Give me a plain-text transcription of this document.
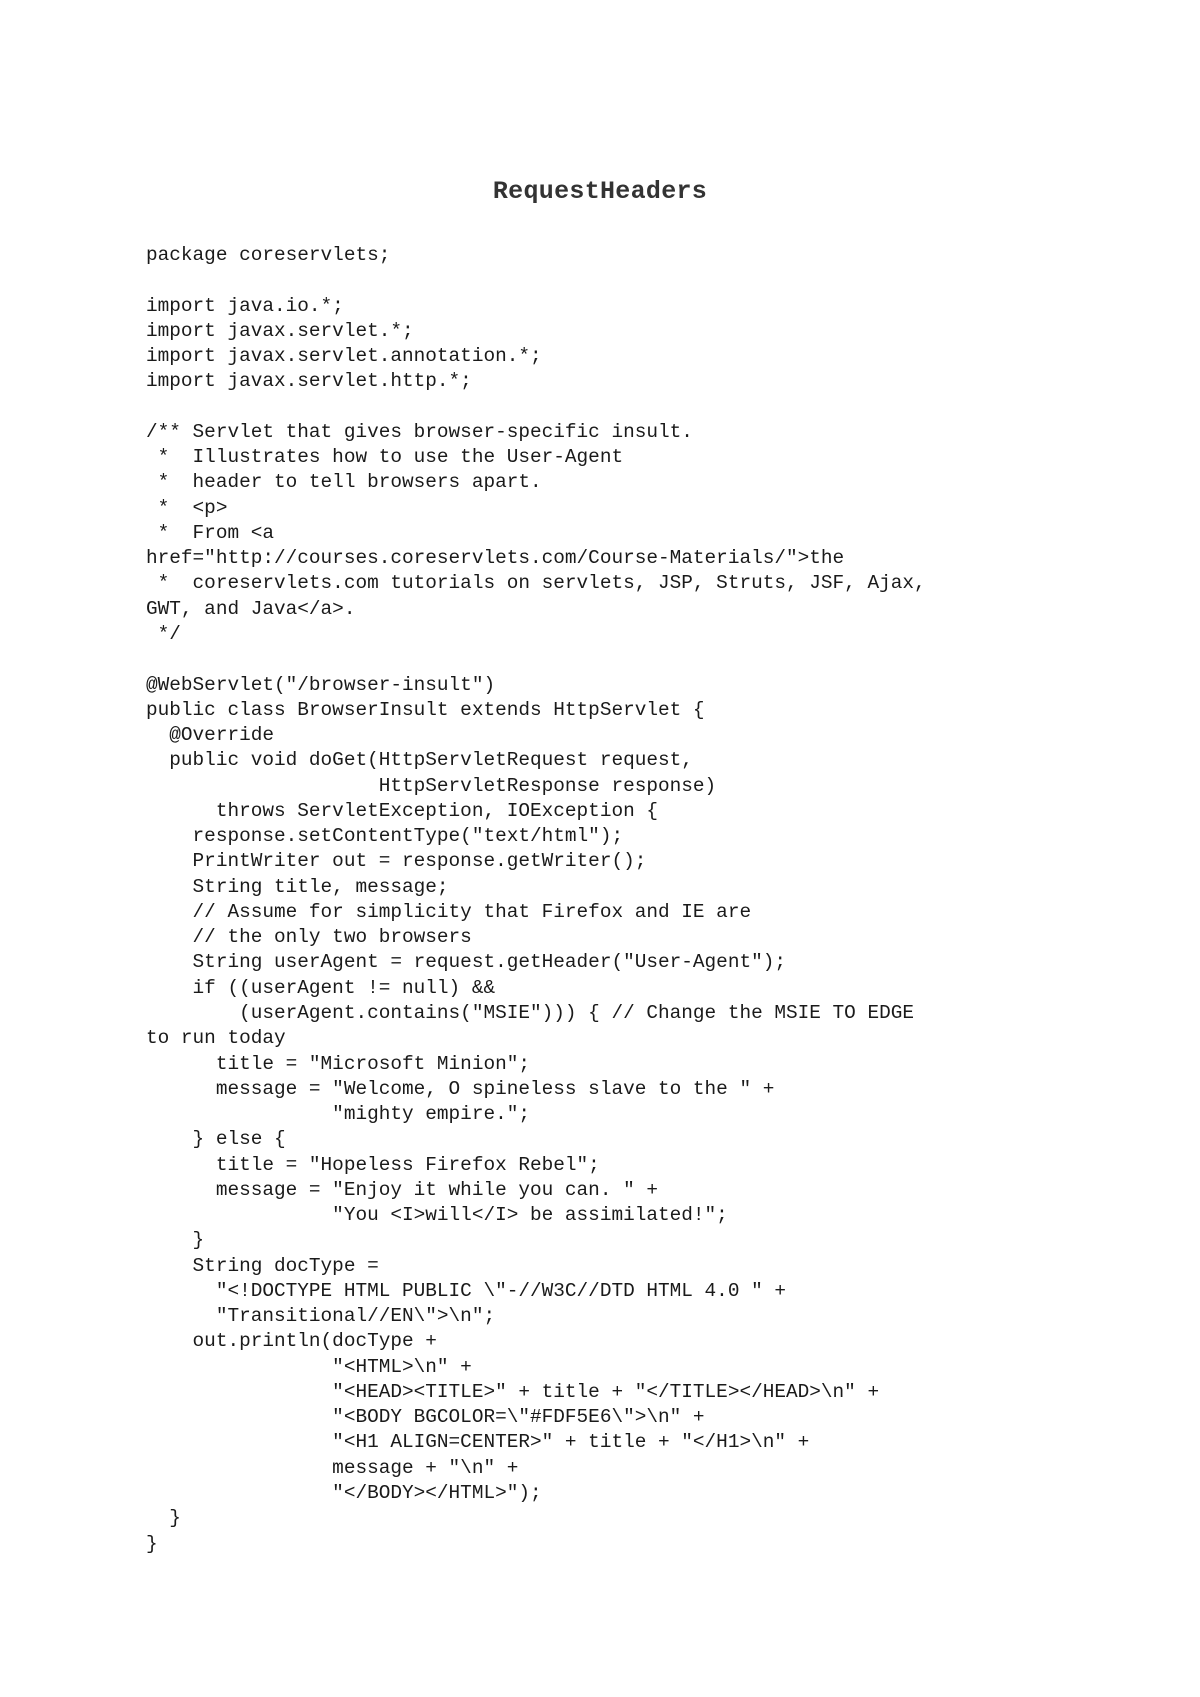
RequestHeaders
package coreservlets;
import java.io.*;
import javax.servlet.*;
import javax.servlet.annotation.*;
import javax.servlet.http.*;
/** Servlet that gives browser-specific insult.
*  Illustrates how to use the User-Agent
*  header to tell browsers apart.
*  <p>
*  From <a
href="http://courses.coreservlets.com/Course-Materials/">the
*  coreservlets.com tutorials on servlets, JSP, Struts, JSF, Ajax,
GWT, and Java</a>.
*/
@WebServlet("/browser-insult")
public class BrowserInsult extends HttpServlet {
@Override
public void doGet(HttpServletRequest request,
HttpServletResponse response)
throws ServletException, IOException {
response.setContentType("text/html");
PrintWriter out = response.getWriter();
String title, message;
// Assume for simplicity that Firefox and IE are
// the only two browsers
String userAgent = request.getHeader("User-Agent");
if ((userAgent != null) &&
(userAgent.contains("MSIE"))) { // Change the MSIE TO EDGE
to run today
title = "Microsoft Minion";
message = "Welcome, O spineless slave to the " +
"mighty empire.";
} else {
title = "Hopeless Firefox Rebel";
message = "Enjoy it while you can. " +
"You <I>will</I> be assimilated!";
}
String docType =
"<!DOCTYPE HTML PUBLIC \"-//W3C//DTD HTML 4.0 " +
"Transitional//EN\">\n";
out.println(docType +
"<HTML>\n" +
"<HEAD><TITLE>" + title + "</TITLE></HEAD>\n" +
"<BODY BGCOLOR=\"#FDF5E6\">\n" +
"<H1 ALIGN=CENTER>" + title + "</H1>\n" +
message + "\n" +
"</BODY></HTML>");
}
}
